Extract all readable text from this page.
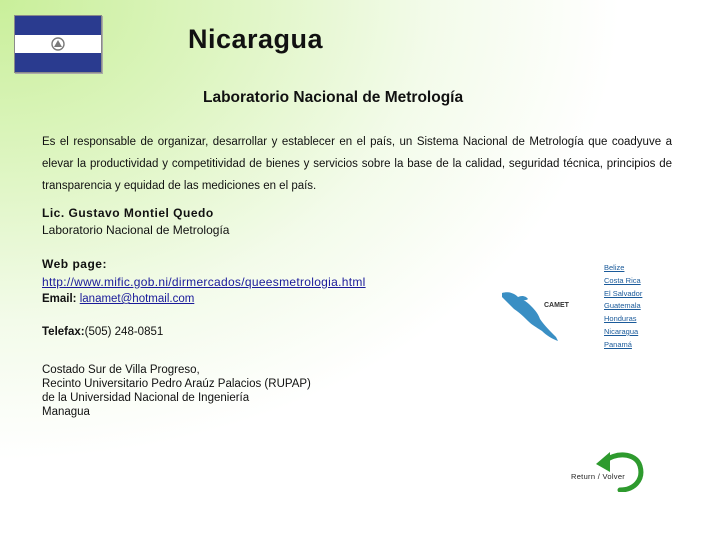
Nicaragua
Laboratorio Nacional de Metrología
Es el responsable de organizar, desarrollar y establecer en el país, un Sistema Nacional de Metrología que coadyuve a elevar la productividad y competitividad de bienes y servicios sobre la base de la calidad, seguridad técnica, principios de transparencia y equidad de las mediciones en el país.
Lic. Gustavo Montiel Quedo
Laboratorio Nacional de Metrología
Web page:
http://www.mific.gob.ni/dirmercados/queesmetrologia.html
Email: lanamet@hotmail.com
Telefax:(505) 248-0851
Costado Sur de Villa Progreso,
Recinto Universitario Pedro Araúz Palacios (RUPAP)
de la Universidad Nacional de Ingeniería
Managua
CAMET
Belize
Costa Rica
El Salvador
Guatemala
Honduras
Nicaragua
Panamá
Return / Volver
